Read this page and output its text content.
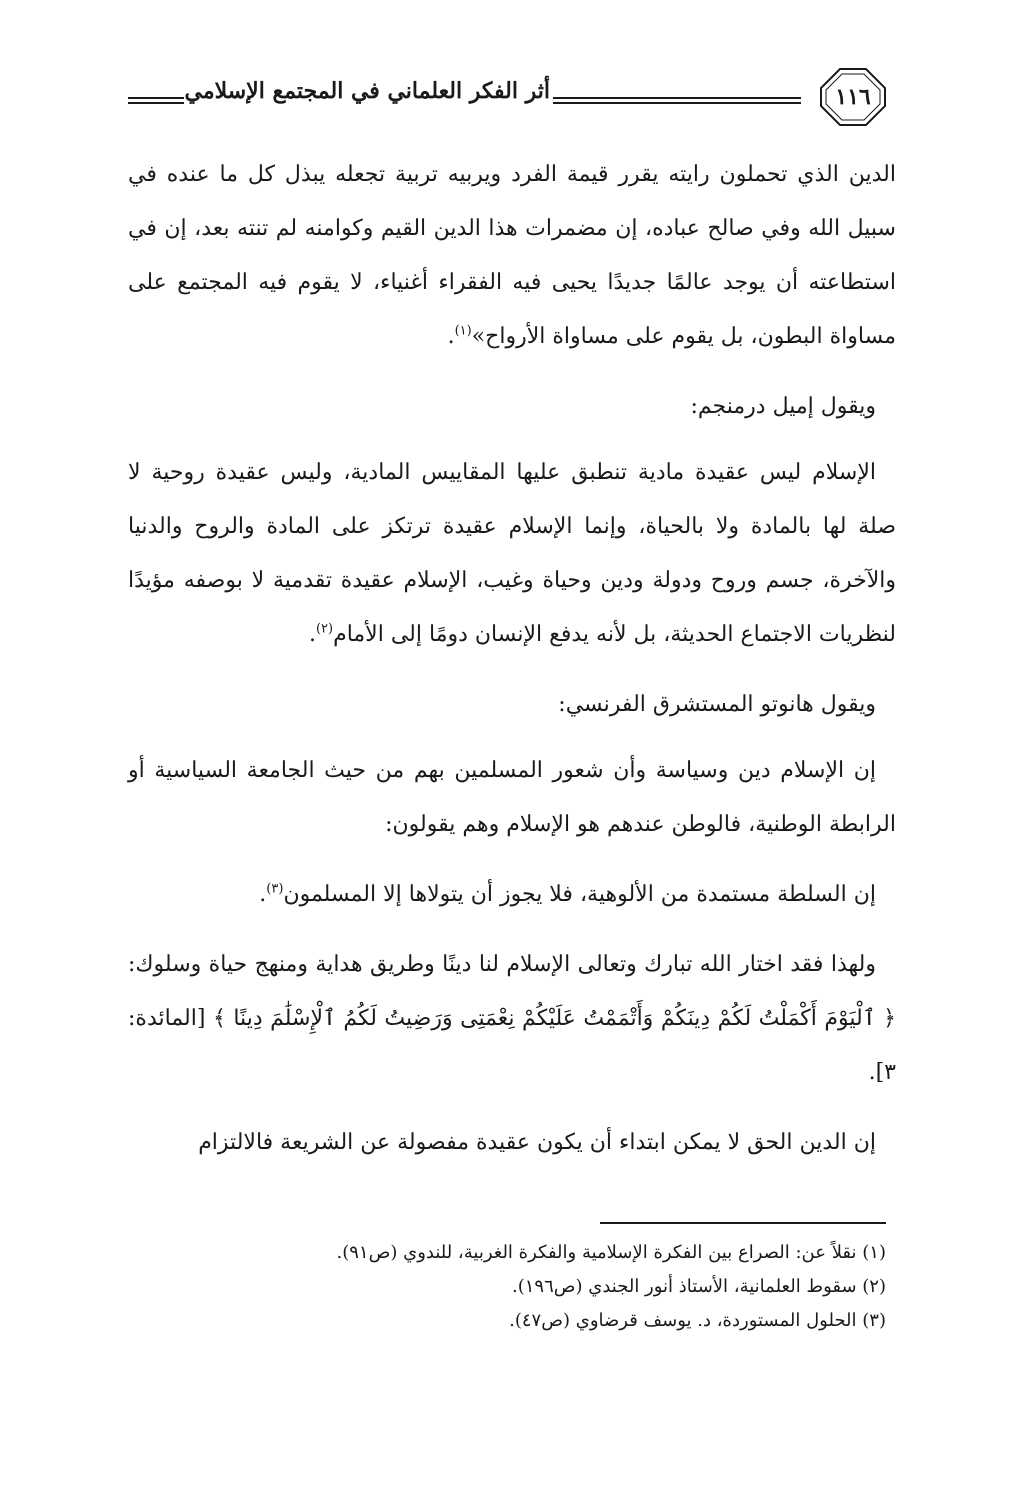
أثر الفكر العلماني في المجتمع الإسلامي	١١٦

الدين الذي تحملون رايته يقرر قيمة الفرد ويربيه تربية تجعله يبذل كل ما عنده في سبيل الله وفي صالح عباده، إن مضمرات هذا الدين القيم وكوامنه لم تنته بعد، إن في استطاعته أن يوجد عالمًا جديدًا يحيى فيه الفقراء أغنياء، لا يقوم فيه المجتمع على مساواة البطون، بل يقوم على مساواة الأرواح»$^{(١)}$.

ويقول إميل درمنجم:

الإسلام ليس عقيدة مادية تنطبق عليها المقاييس المادية، وليس عقيدة روحية لا صلة لها بالمادة ولا بالحياة، وإنما الإسلام عقيدة ترتكز على المادة والروح والدنيا والآخرة، جسم وروح ودولة ودين وحياة وغيب، الإسلام عقيدة تقدمية لا بوصفه مؤيدًا لنظريات الاجتماع الحديثة، بل لأنه يدفع الإنسان دومًا إلى الأمام$^{(٢)}$.

ويقول هانوتو المستشرق الفرنسي:

إن الإسلام دين وسياسة وأن شعور المسلمين بهم من حيث الجامعة السياسية أو الرابطة الوطنية، فالوطن عندهم هو الإسلام وهم يقولون:

إن السلطة مستمدة من الألوهية، فلا يجوز أن يتولاها إلا المسلمون$^{(٣)}$.

ولهذا فقد اختار الله تبارك وتعالى الإسلام لنا دينًا وطريق هداية ومنهج حياة وسلوك: ﴿ ٱلْيَوْمَ أَكْمَلْتُ لَكُمْ دِينَكُمْ وَأَتْمَمْتُ عَلَيْكُمْ نِعْمَتِى وَرَضِيتُ لَكُمُ ٱلْإِسْلَٰمَ دِينًا ﴾ [المائدة: ٣].

إن الدين الحق لا يمكن ابتداء أن يكون عقيدة مفصولة عن الشريعة فالالتزام

(١) نقلاً عن: الصراع بين الفكرة الإسلامية والفكرة الغربية، للندوي (ص٩١).

(٢) سقوط العلمانية، الأستاذ أنور الجندي (ص١٩٦).

(٣) الحلول المستوردة، د. يوسف قرضاوي (ص٤٧).
